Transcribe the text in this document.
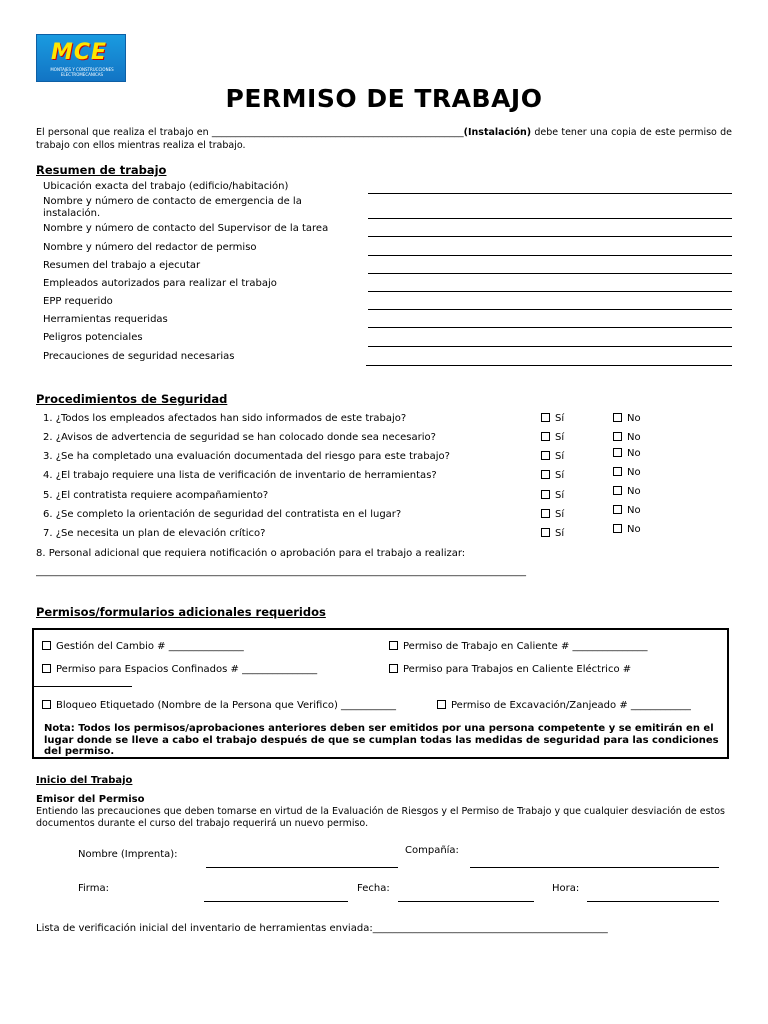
MCE
MONTAJES Y CONSTRUCCIONES ELECTROMECANICAS
PERMISO DE TRABAJO
El personal que realiza el trabajo en _____________________________________________________(Instalación) debe tener una copia de este permiso de trabajo con ellos mientras realiza el trabajo.
Resumen de trabajo
Ubicación exacta del trabajo (edificio/habitación)
Nombre y número de contacto de emergencia de la instalación.
Nombre y número de contacto del Supervisor de la tarea
Nombre y número del redactor de permiso
Resumen del trabajo a ejecutar
Empleados autorizados para realizar el trabajo
EPP requerido
Herramientas requeridas
Peligros potenciales
Precauciones de seguridad necesarias
Procedimientos de Seguridad
1. ¿Todos los empleados afectados han sido informados de este trabajo?	Sí	No
2. ¿Avisos de advertencia de seguridad se han colocado donde sea necesario?	Sí	No
3. ¿Se ha completado una evaluación documentada del riesgo para este trabajo?	Sí	No
4. ¿El trabajo requiere una lista de verificación de inventario de herramientas?	Sí	No
5. ¿El contratista requiere acompañamiento?	Sí	No
6. ¿Se completo la orientación de seguridad del contratista en el lugar?	Sí	No
7. ¿Se necesita un plan de elevación crítico?	Sí	No
8. Personal adicional que requiera notificación o aprobación para el trabajo a realizar:
__________________________________________________________________________________________________
Permisos/formularios adicionales requeridos
Gestión del Cambio # _______________	Permiso de Trabajo en Caliente # _______________
Permiso para Espacios Confinados # _______________	Permiso para Trabajos en Caliente Eléctrico #
Bloqueo Etiquetado (Nombre de la Persona que Verifico) ___________	Permiso de Excavación/Zanjeado # ____________
Nota: Todos los permisos/aprobaciones anteriores deben ser emitidos por una persona competente y se emitirán en el lugar donde se lleve a cabo el trabajo después de que se cumplan todas las medidas de seguridad para las condiciones del permiso.
Inicio del Trabajo
Emisor del Permiso
Entiendo las precauciones que deben tomarse en virtud de la Evaluación de Riesgos y el Permiso de Trabajo y que cualquier desviación de estos documentos durante el curso del trabajo requerirá un nuevo permiso.
Nombre (Imprenta):	Compañía:
Firma:	Fecha:	Hora:
Lista de verificación inicial del inventario de herramientas enviada:_______________________________________________
